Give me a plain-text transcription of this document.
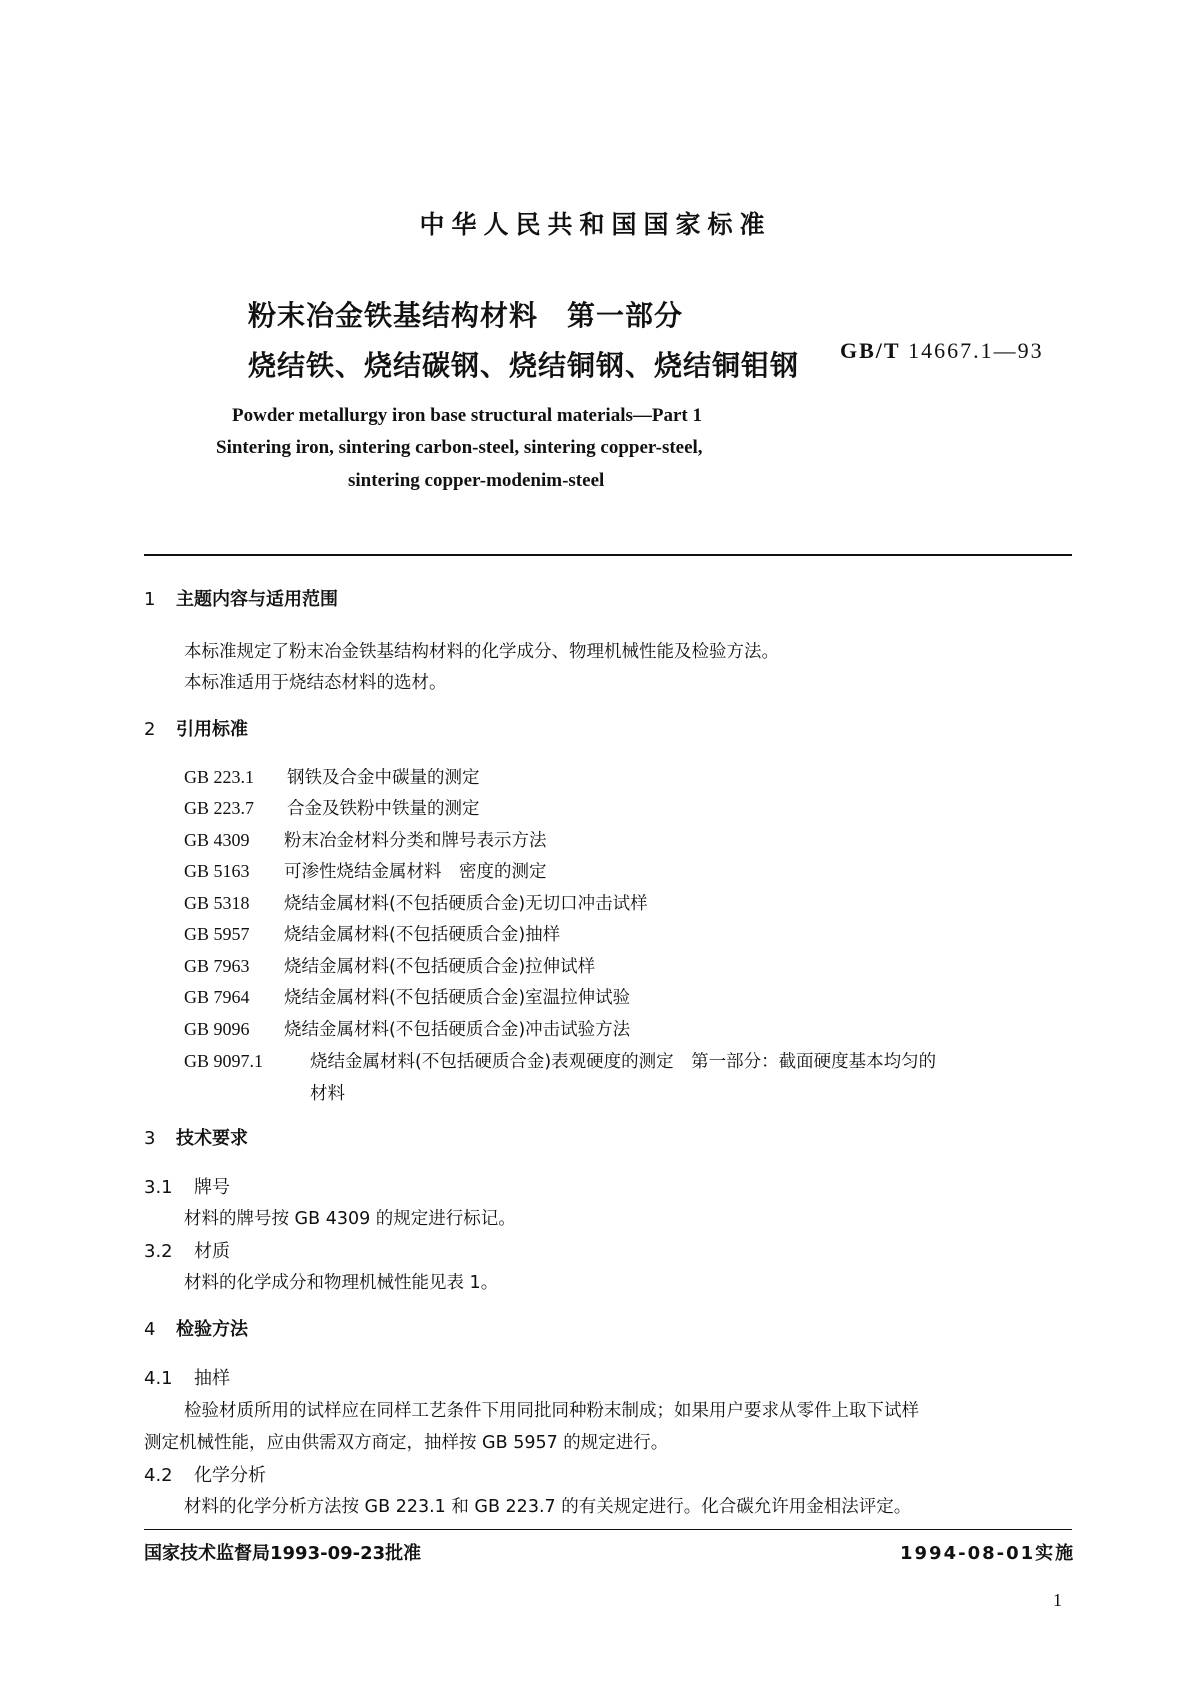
中华人民共和国国家标准
粉末冶金铁基结构材料　第一部分
烧结铁、烧结碳钢、烧结铜钢、烧结铜钼钢 GB/T 14667.1—93
Powder metallurgy iron base structural materials—Part 1
Sintering iron, sintering carbon-steel, sintering copper-steel,
sintering copper-modenim-steel
1 主题内容与适用范围
本标准规定了粉末冶金铁基结构材料的化学成分、物理机械性能及检验方法。
本标准适用于烧结态材料的选材。
2 引用标准
GB 223.1 钢铁及合金中碳量的测定
GB 223.7 合金及铁粉中铁量的测定
GB 4309 粉末冶金材料分类和牌号表示方法
GB 5163 可渗性烧结金属材料　密度的测定
GB 5318 烧结金属材料(不包括硬质合金)无切口冲击试样
GB 5957 烧结金属材料(不包括硬质合金)抽样
GB 7963 烧结金属材料(不包括硬质合金)拉伸试样
GB 7964 烧结金属材料(不包括硬质合金)室温拉伸试验
GB 9096 烧结金属材料(不包括硬质合金)冲击试验方法
GB 9097.1	烧结金属材料(不包括硬质合金)表观硬度的测定　第一部分：截面硬度基本均匀的
材料
3 技术要求
3.1 牌号
材料的牌号按 GB 4309 的规定进行标记。
3.2 材质
材料的化学成分和物理机械性能见表 1。
4 检验方法
4.1 抽样
检验材质所用的试样应在同样工艺条件下用同批同种粉末制成；如果用户要求从零件上取下试样
测定机械性能，应由供需双方商定，抽样按 GB 5957 的规定进行。
4.2 化学分析
材料的化学分析方法按 GB 223.1 和 GB 223.7 的有关规定进行。化合碳允许用金相法评定。
国家技术监督局1993-09-23批准	1994-08-01实施
1
